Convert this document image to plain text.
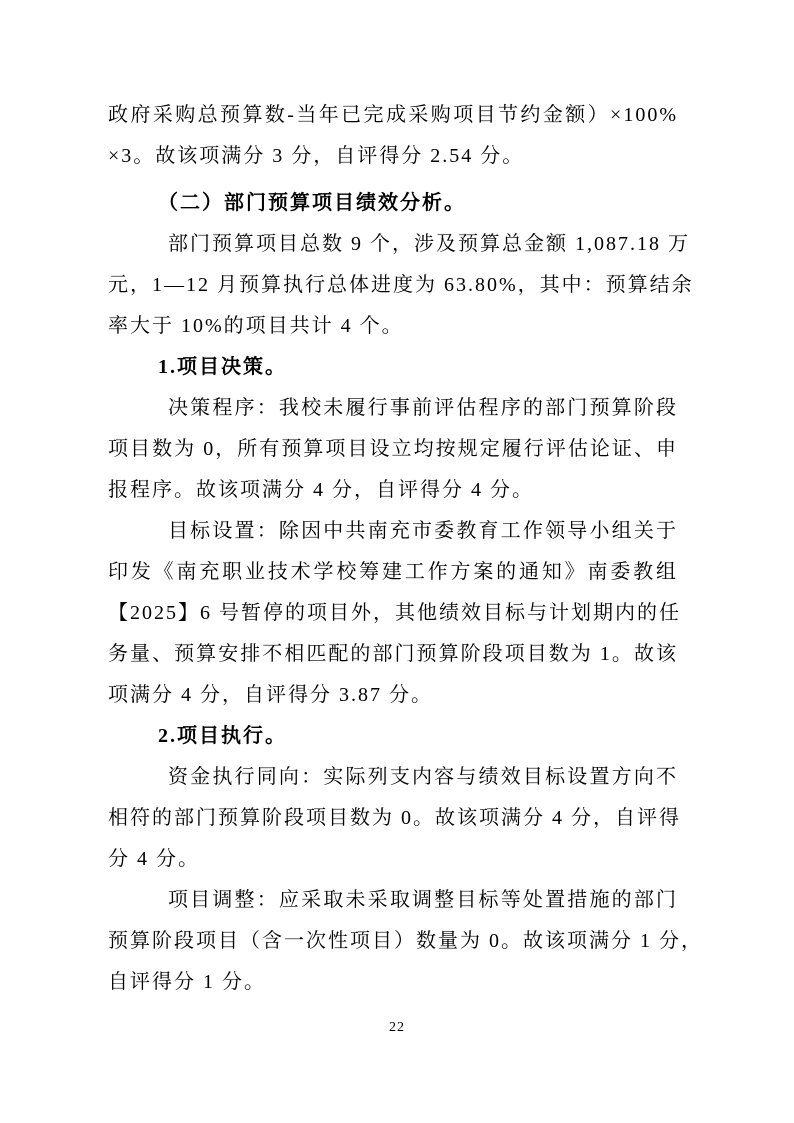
政府采购总预算数-当年已完成采购项目节约金额）×100%
×3。故该项满分 3 分，自评得分 2.54 分。
（二）部门预算项目绩效分析。
部门预算项目总数 9 个，涉及预算总金额 1,087.18 万
元，1—12 月预算执行总体进度为 63.80%，其中：预算结余
率大于 10%的项目共计 4 个。
1.项目决策。
决策程序：我校未履行事前评估程序的部门预算阶段
项目数为 0，所有预算项目设立均按规定履行评估论证、申
报程序。故该项满分 4 分，自评得分 4 分。
目标设置：除因中共南充市委教育工作领导小组关于
印发《南充职业技术学校筹建工作方案的通知》南委教组
【2025】6 号暂停的项目外，其他绩效目标与计划期内的任
务量、预算安排不相匹配的部门预算阶段项目数为 1。故该
项满分 4 分，自评得分 3.87 分。
2.项目执行。
资金执行同向：实际列支内容与绩效目标设置方向不
相符的部门预算阶段项目数为 0。故该项满分 4 分，自评得
分 4 分。
项目调整：应采取未采取调整目标等处置措施的部门
预算阶段项目（含一次性项目）数量为 0。故该项满分 1 分，
自评得分 1 分。
22
